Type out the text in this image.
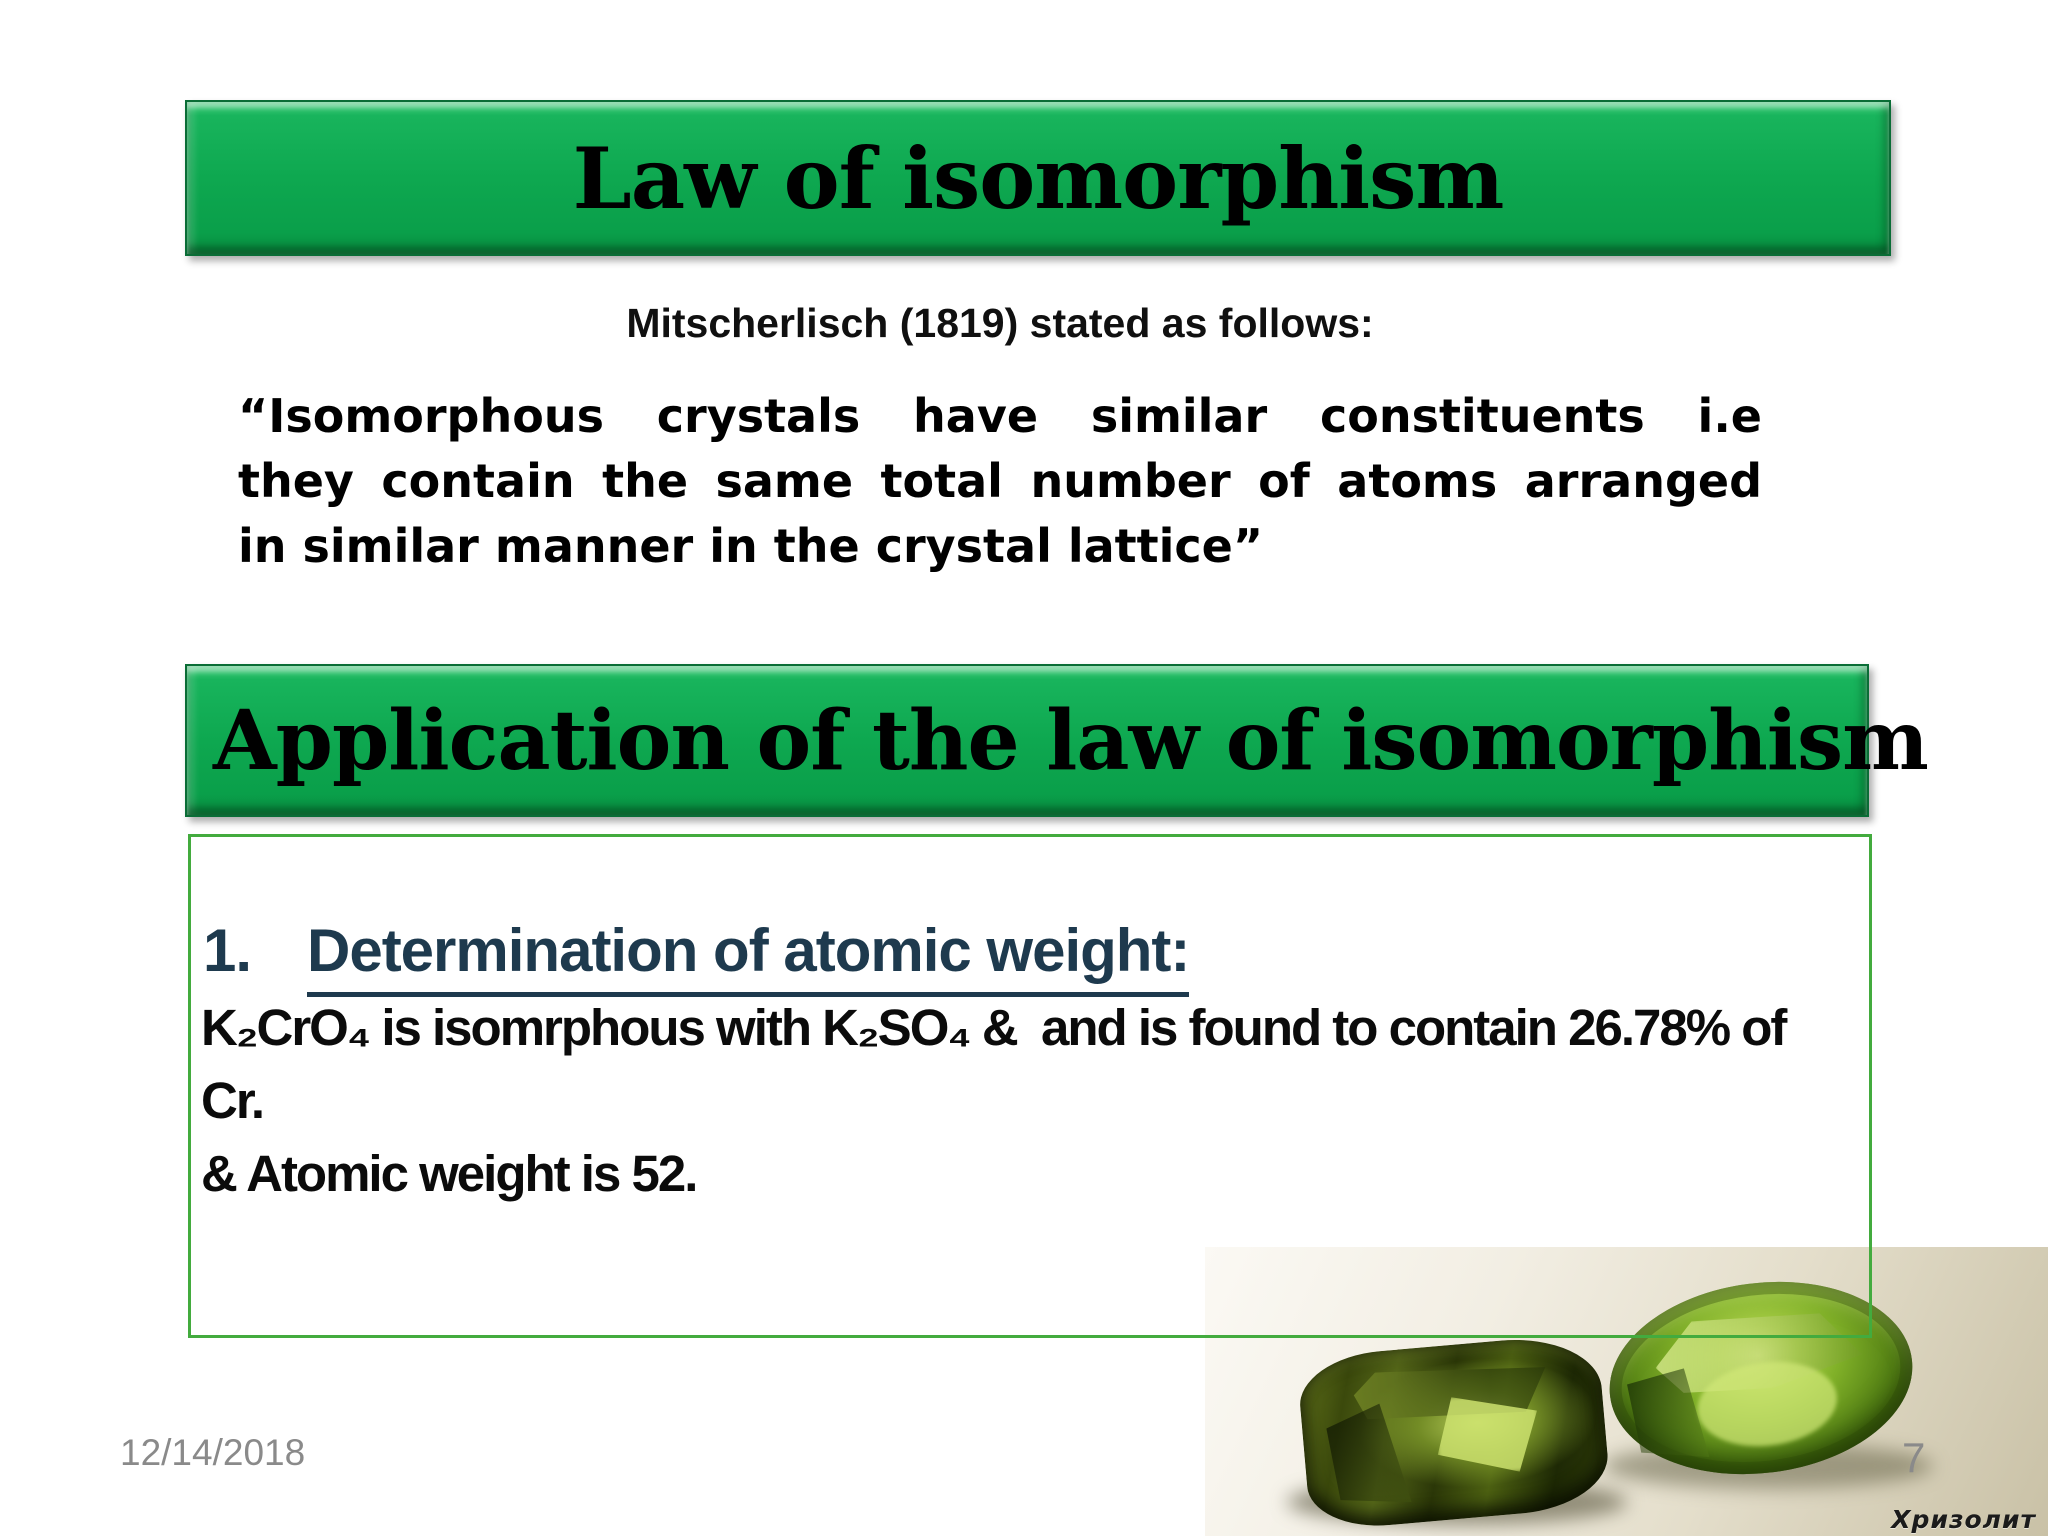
Law of isomorphism
Mitscherlisch (1819) stated as follows:
“Isomorphous crystals have similar constituents i.e
they contain the same total number of atoms arranged
in similar manner in the crystal lattice”
Application of the law of isomorphism
1. Determination of atomic weight:
K₂CrO₄ is isomrphous with K₂SO₄ &  and is found to contain 26.78% of
Cr.
& Atomic weight is 52.
Хризолит
12/14/2018	7
